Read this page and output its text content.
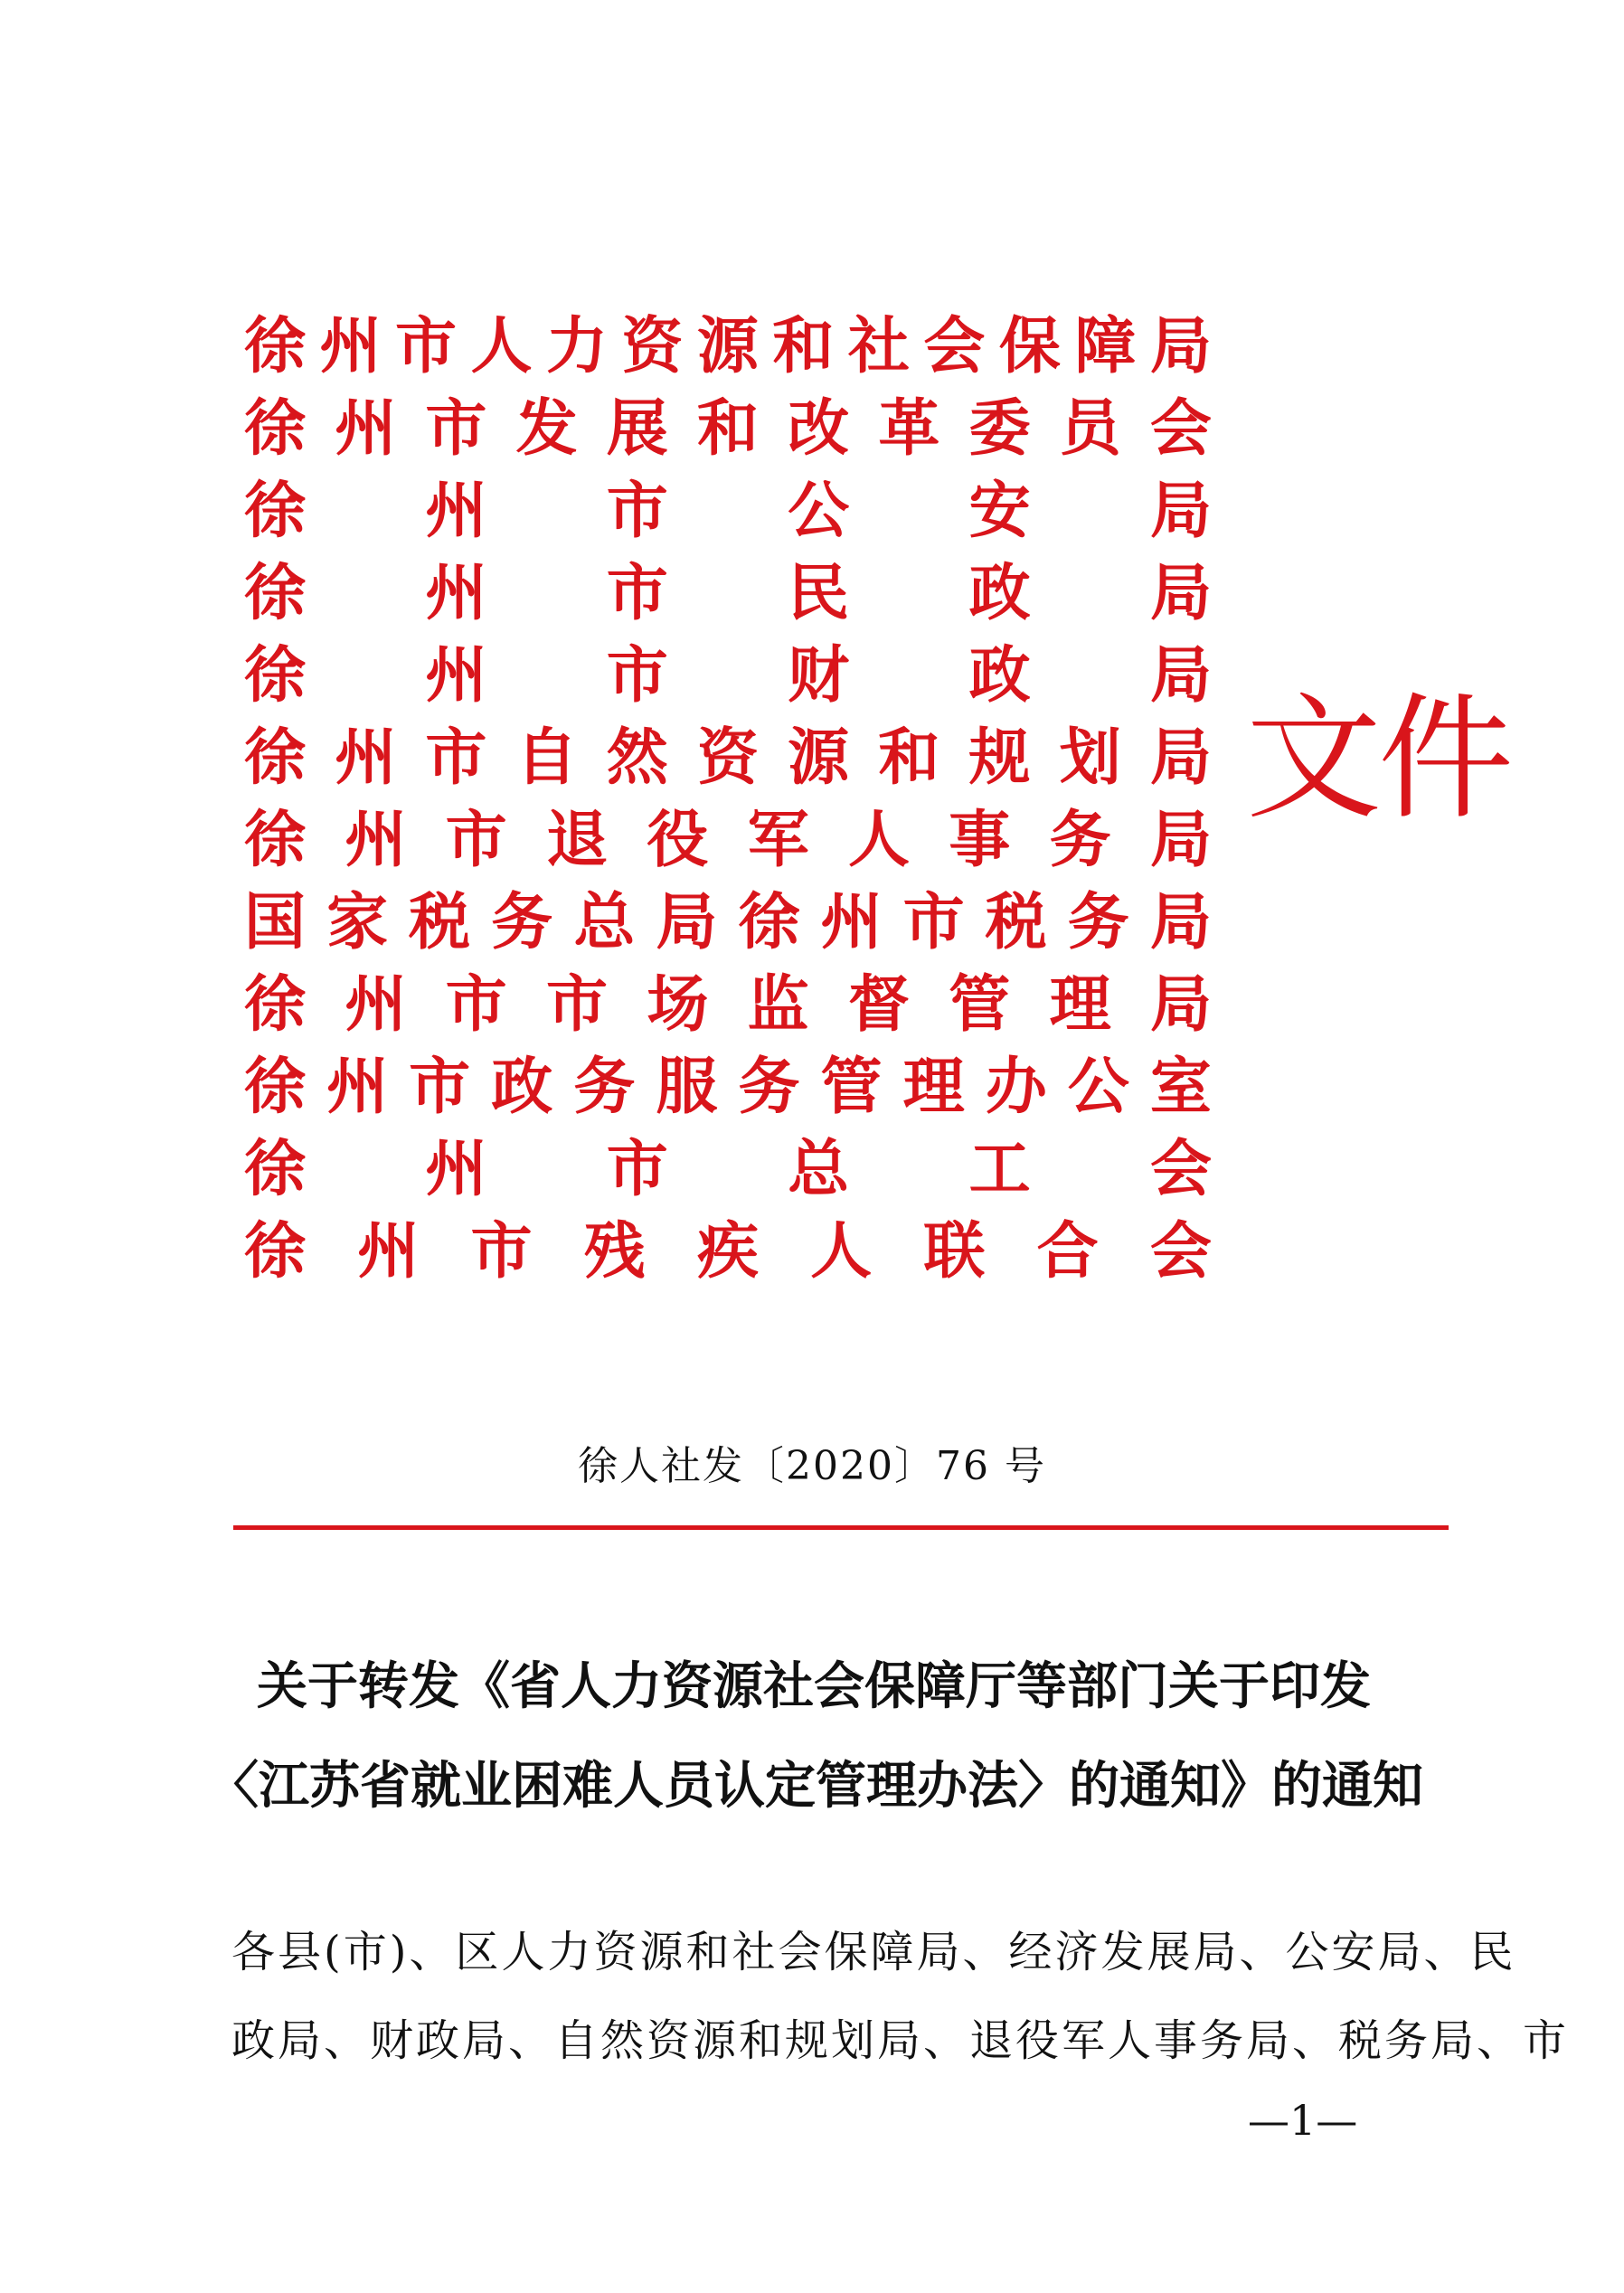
徐 州 市 人 力 资 源 和 社 会 保 障 局
徐 州 市 发 展 和 改 革 委 员 会
徐 州 市 公 安 局
徐 州 市 民 政 局
徐 州 市 财 政 局
徐 州 市 自 然 资 源 和 规 划 局
徐 州 市 退 役 军 人 事 务 局
国 家 税 务 总 局 徐 州 市 税 务 局
徐 州 市 市 场 监 督 管 理 局
徐 州 市 政 务 服 务 管 理 办 公 室
徐 州 市 总 工 会
徐 州 市 残 疾 人 联 合 会
文件
徐人社发〔2020〕76 号
关于转发《省人力资源社会保障厅等部门关于印发
〈江苏省就业困难人员认定管理办法〉的通知》的通知
各县(市)、区人力资源和社会保障局、经济发展局、公安局、民
政局、财政局、自然资源和规划局、退役军人事务局、税务局、市
—1—
